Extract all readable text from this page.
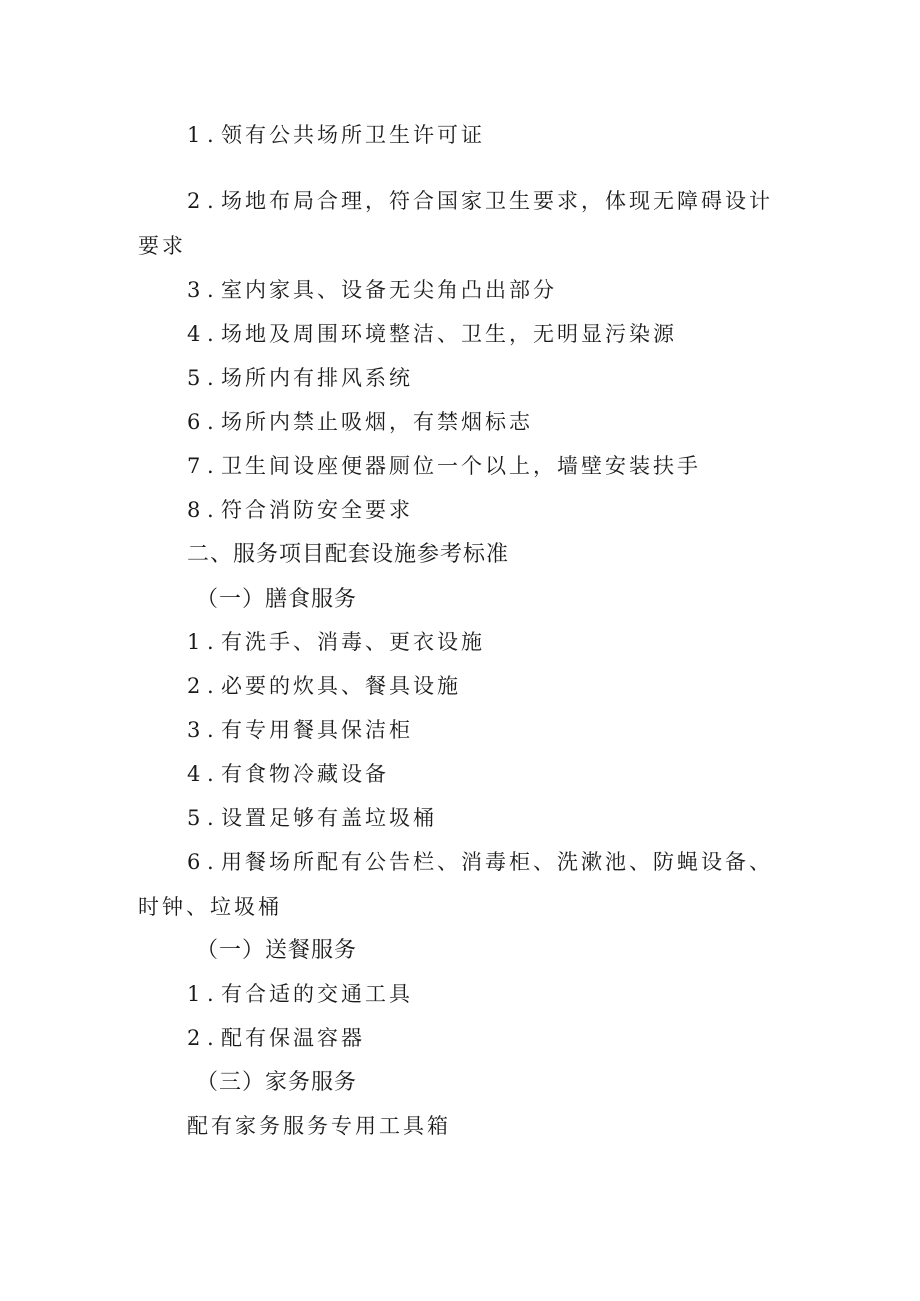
1 . 领有公共场所卫生许可证
2 . 场地布局合理，符合国家卫生要求，体现无障碍设计
要求
3 . 室内家具、设备无尖角凸出部分
4 . 场地及周围环境整洁、卫生，无明显污染源
5 . 场所内有排风系统
6 . 场所内禁止吸烟，有禁烟标志
7 . 卫生间设座便器厕位一个以上，墙壁安装扶手
8 . 符合消防安全要求
二、服务项目配套设施参考标准
（一）膳食服务
1 . 有洗手、消毒、更衣设施
2 . 必要的炊具、餐具设施
3 . 有专用餐具保洁柜
4 . 有食物冷藏设备
5 . 设置足够有盖垃圾桶
6 . 用餐场所配有公告栏、消毒柜、洗漱池、防蝇设备、
时钟、垃圾桶
（一）送餐服务
1 . 有合适的交通工具
2 . 配有保温容器
（三）家务服务
配有家务服务专用工具箱
